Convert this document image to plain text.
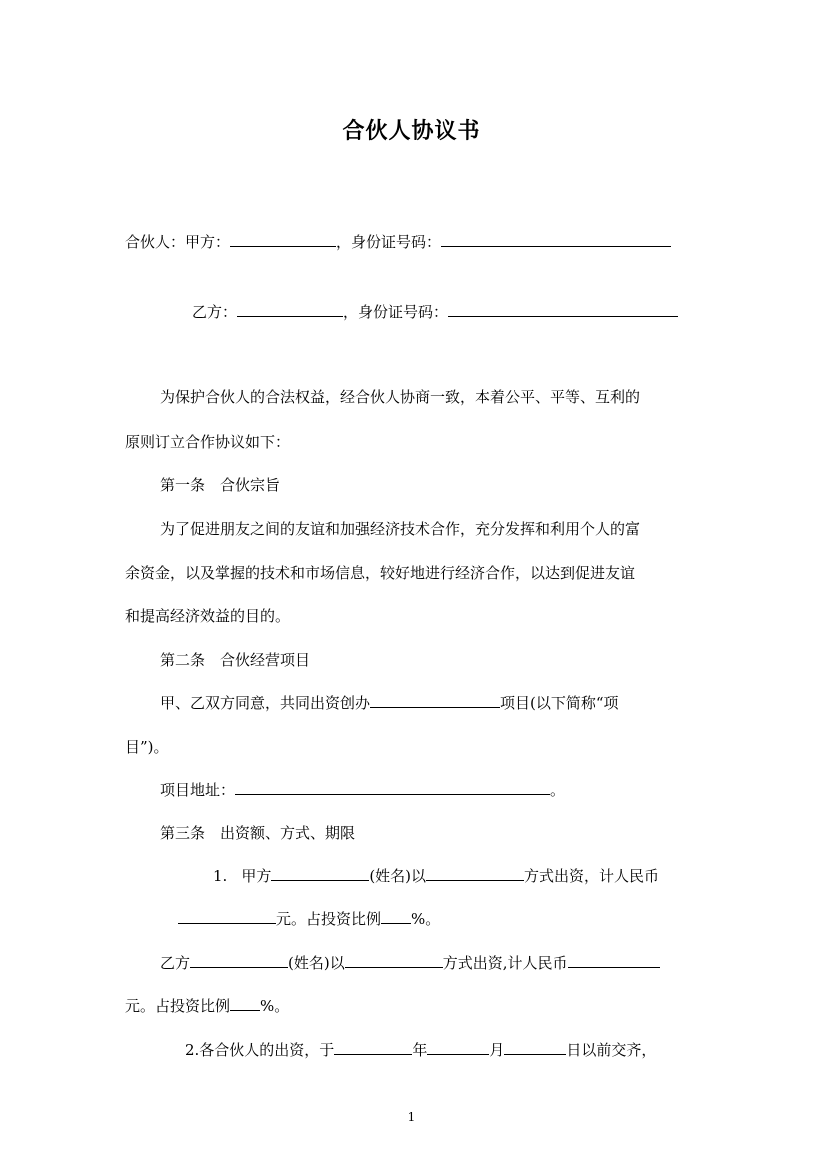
合伙人协议书
合伙人：甲方：	，身份证号码：
乙方：	，身份证号码：
为保护合伙人的合法权益，经合伙人协商一致，本着公平、平等、互利的
原则订立合作协议如下：
第一条　合伙宗旨
为了促进朋友之间的友谊和加强经济技术合作，充分发挥和利用个人的富
余资金，以及掌握的技术和市场信息，较好地进行经济合作，以达到促进友谊
和提高经济效益的目的。
第二条　合伙经营项目
甲、乙双方同意，共同出资创办	项目(以下简称“项
目”)。
项目地址：	。
第三条　出资额、方式、期限
1. 甲方	(姓名)以	方式出资，计人民币
元。占投资比例 %。
乙方	(姓名)以	方式出资,计人民币
元。占投资比例 %。
2.各合伙人的出资，于	年	月	日以前交齐，
1
